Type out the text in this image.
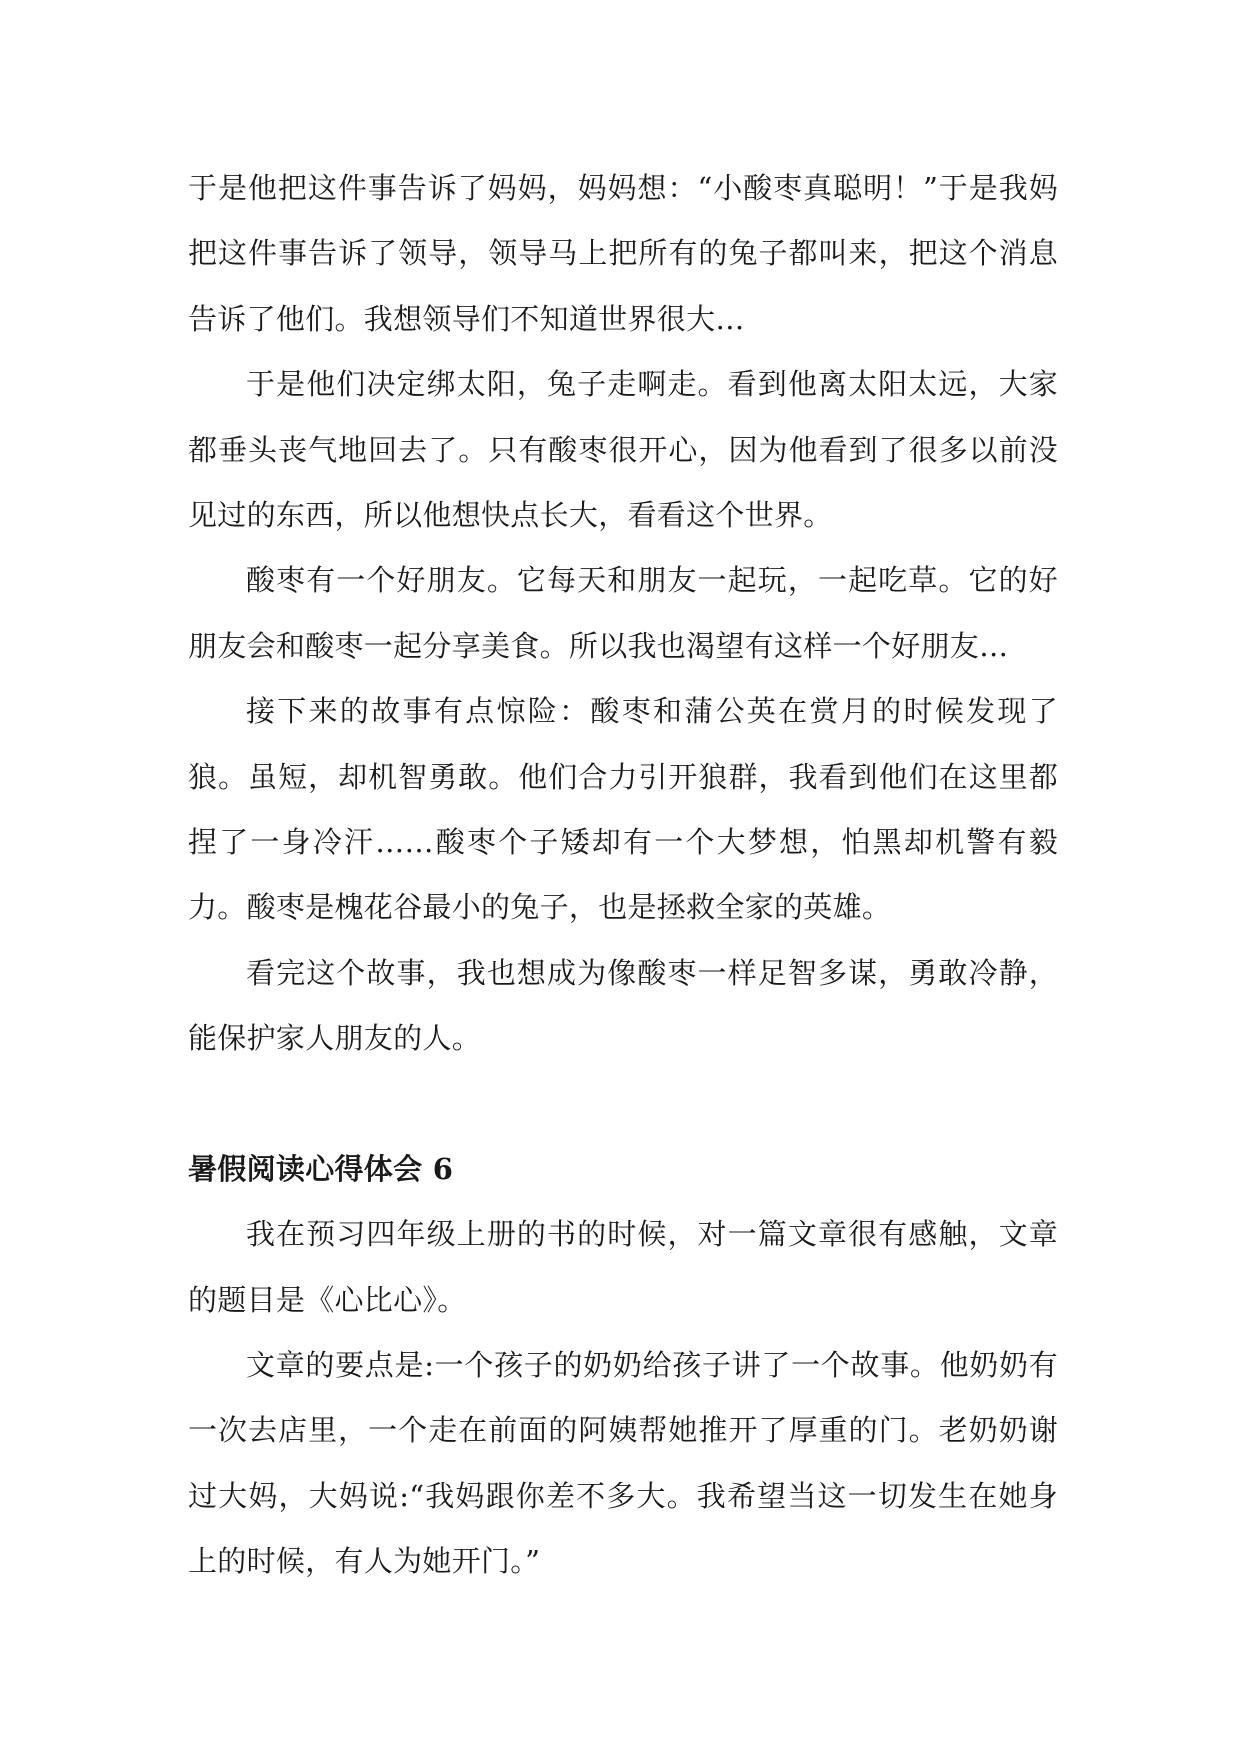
于是他把这件事告诉了妈妈，妈妈想：“小酸枣真聪明！”于是我妈把这件事告诉了领导，领导马上把所有的兔子都叫来，把这个消息告诉了他们。我想领导们不知道世界很大…

于是他们决定绑太阳，兔子走啊走。看到他离太阳太远，大家都垂头丧气地回去了。只有酸枣很开心，因为他看到了很多以前没见过的东西，所以他想快点长大，看看这个世界。

酸枣有一个好朋友。它每天和朋友一起玩，一起吃草。它的好朋友会和酸枣一起分享美食。所以我也渴望有这样一个好朋友…

接下来的故事有点惊险：酸枣和蒲公英在赏月的时候发现了狼。虽短，却机智勇敢。他们合力引开狼群，我看到他们在这里都捏了一身冷汗……酸枣个子矮却有一个大梦想，怕黑却机警有毅力。酸枣是槐花谷最小的兔子，也是拯救全家的英雄。

看完这个故事，我也想成为像酸枣一样足智多谋，勇敢冷静，能保护家人朋友的人。

暑假阅读心得体会 6

我在预习四年级上册的书的时候，对一篇文章很有感触，文章的题目是《心比心》。

文章的要点是:一个孩子的奶奶给孩子讲了一个故事。他奶奶有一次去店里，一个走在前面的阿姨帮她推开了厚重的门。老奶奶谢过大妈，大妈说:“我妈跟你差不多大。我希望当这一切发生在她身上的时候，有人为她开门。”
